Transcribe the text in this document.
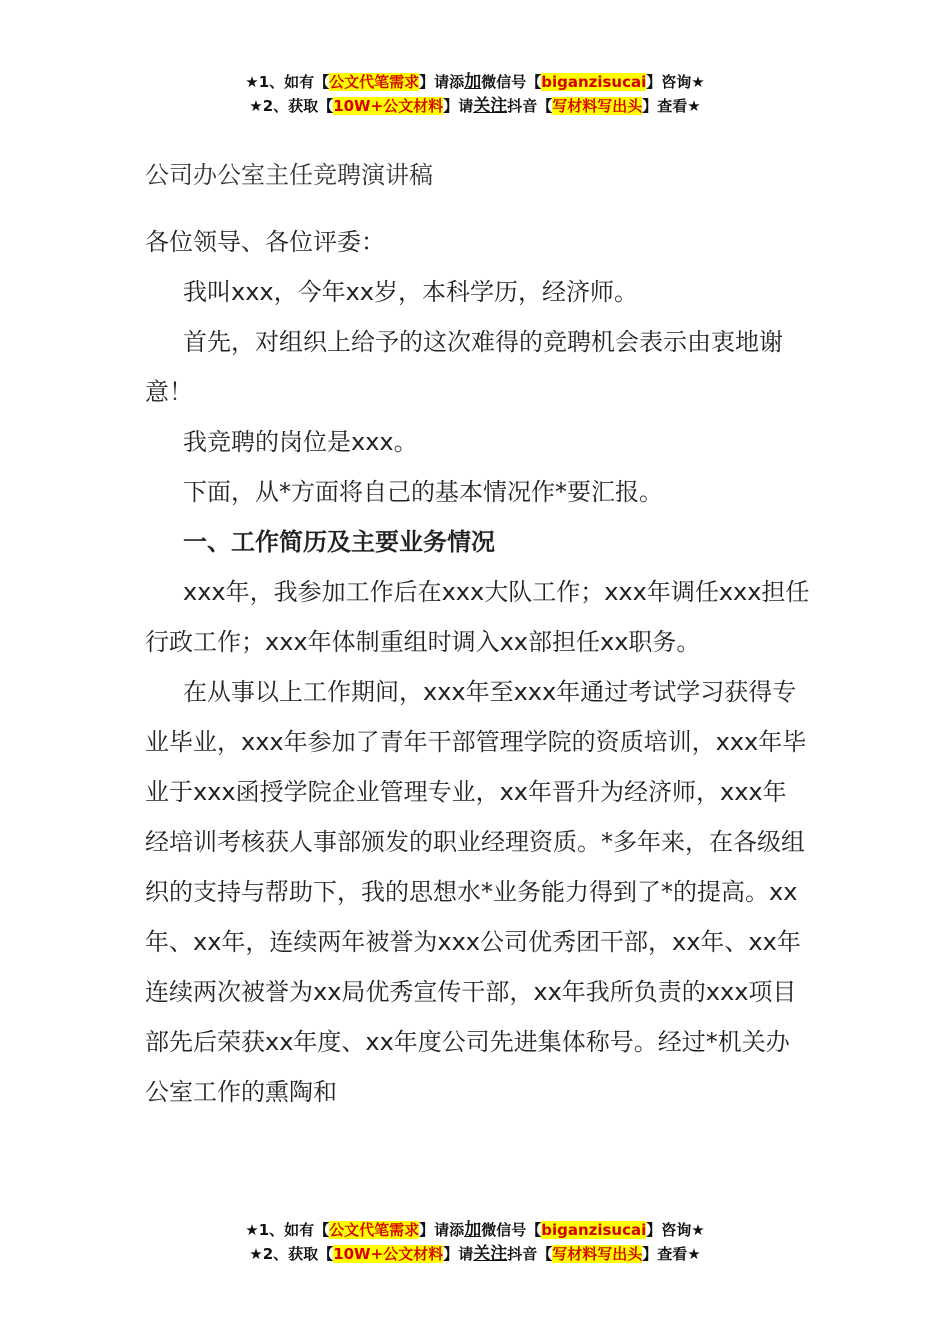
★1、如有【公文代笔需求】请添加微信号【biganzisucai】咨询★
★2、获取【10W+公文材料】请关注抖音【写材料写出头】查看★
公司办公室主任竞聘演讲稿

各位领导、各位评委：

我叫xxx，今年xx岁，本科学历，经济师。

首先，对组织上给予的这次难得的竞聘机会表示由衷地谢意！

我竞聘的岗位是xxx。

下面，从*方面将自己的基本情况作*要汇报。

一、工作简历及主要业务情况

xxx年，我参加工作后在xxx大队工作；xxx年调任xxx担任行政工作；xxx年体制重组时调入xx部担任xx职务。

在从事以上工作期间，xxx年至xxx年通过考试学习获得专业毕业，xxx年参加了青年干部管理学院的资质培训，xxx年毕业于xxx函授学院企业管理专业，xx年晋升为经济师，xxx年经培训考核获人事部颁发的职业经理资质。*多年来，在各级组织的支持与帮助下，我的思想水*业务能力得到了*的提高。xx年、xx年，连续两年被誉为xxx公司优秀团干部，xx年、xx年连续两次被誉为xx局优秀宣传干部，xx年我所负责的xxx项目部先后荣获xx年度、xx年度公司先进集体称号。经过*机关办公室工作的熏陶和

★1、如有【公文代笔需求】请添加微信号【biganzisucai】咨询★
★2、获取【10W+公文材料】请关注抖音【写材料写出头】查看★
